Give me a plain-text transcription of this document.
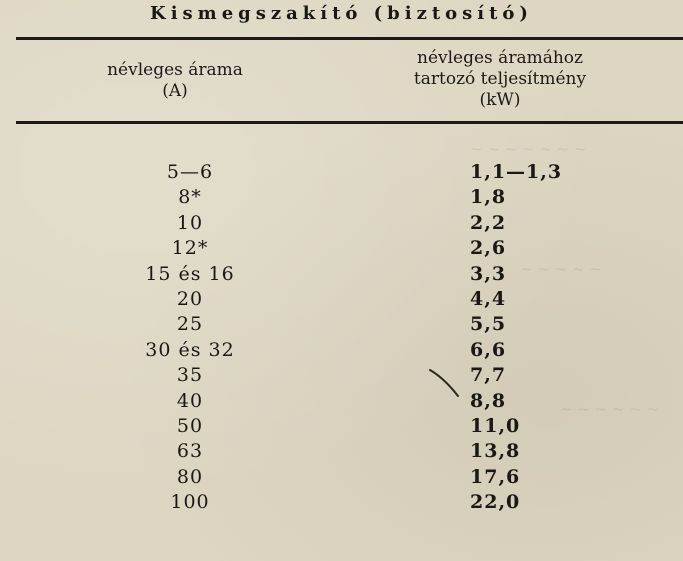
~ ~ ~ ~ ~ ~ ~
~ ~ ~ ~ ~
~ ~ ~ ~ ~ ~
Kismegszakító (biztosító)
névleges árama
(A)
névleges áramához
tartozó teljesítmény
(kW)
5—6	1,1—1,3
8*	1,8
10	2,2
12*	2,6
15 és 16	3,3
20	4,4
25	5,5
30 és 32	6,6
35	7,7
40	8,8
50	11,0
63	13,8
80	17,6
100	22,0
